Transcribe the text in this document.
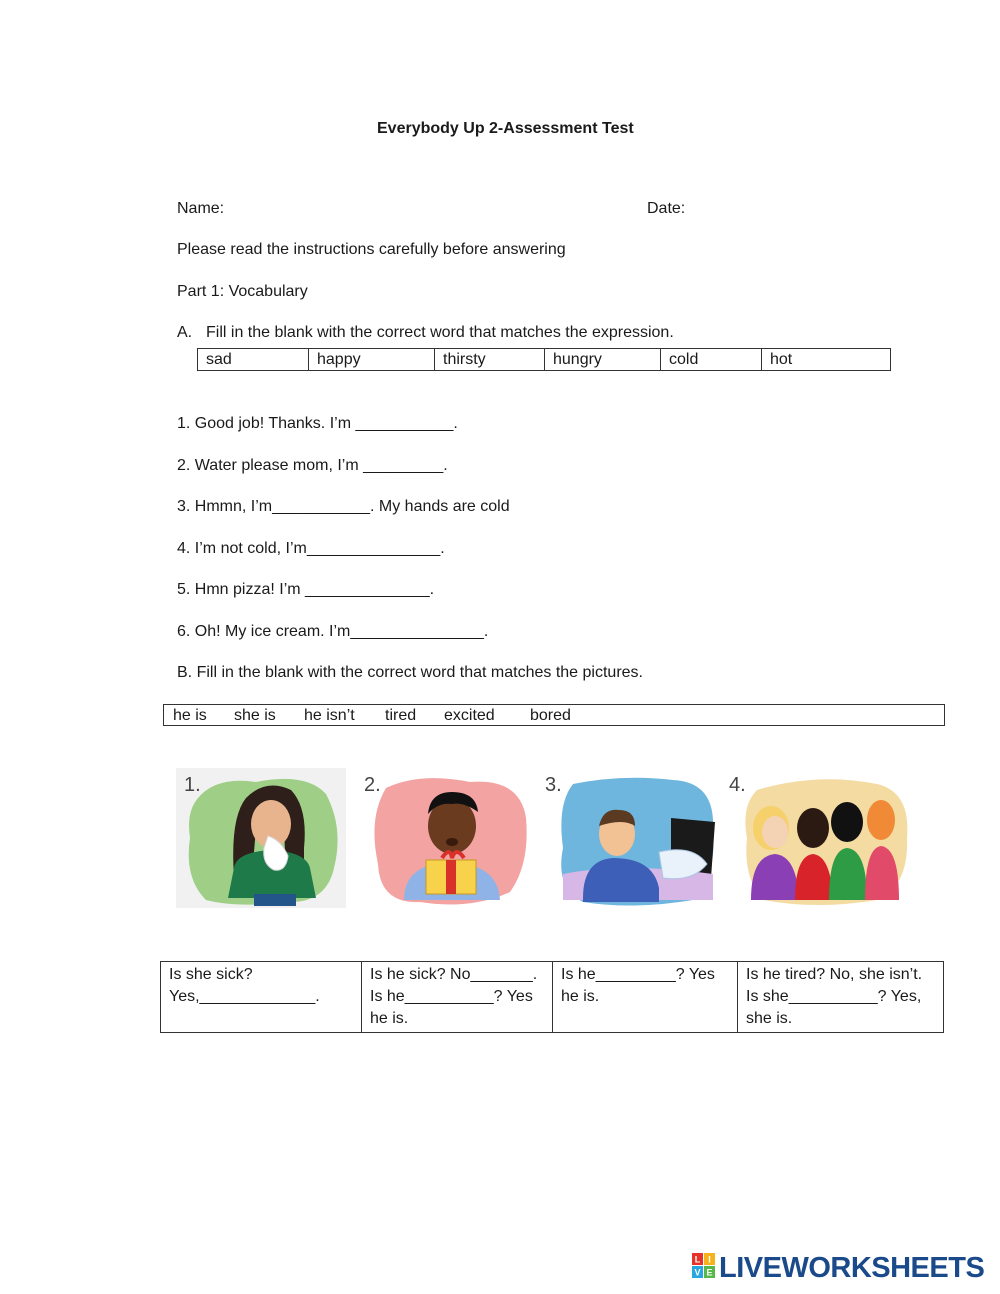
Everybody Up 2-Assessment Test
Name:	Date:
Please read the instructions carefully before answering
Part 1: Vocabulary
A. Fill in the blank with the correct word that matches the expression.
sad	happy	thirsty	hungry	cold	hot
1. Good job! Thanks. I’m ___________.
2. Water please mom, I’m _________.
3. Hmmn, I’m___________. My hands are cold
4. I’m not cold, I’m_______________.
5. Hmn pizza! I’m ______________.
6. Oh! My ice cream. I’m_______________.
B. Fill in the blank with the correct word that matches the pictures.
he is she is he isn’t tired excited bored
1.	2.	3.	4.
Is she sick?
Yes,_____________.

Is he sick? No_______.
Is he__________? Yes
he is.

Is he_________? Yes
he is.

Is he tired? No, she isn’t.
Is she__________? Yes,
she is.
L I
V E LIVEWORKSHEETS
